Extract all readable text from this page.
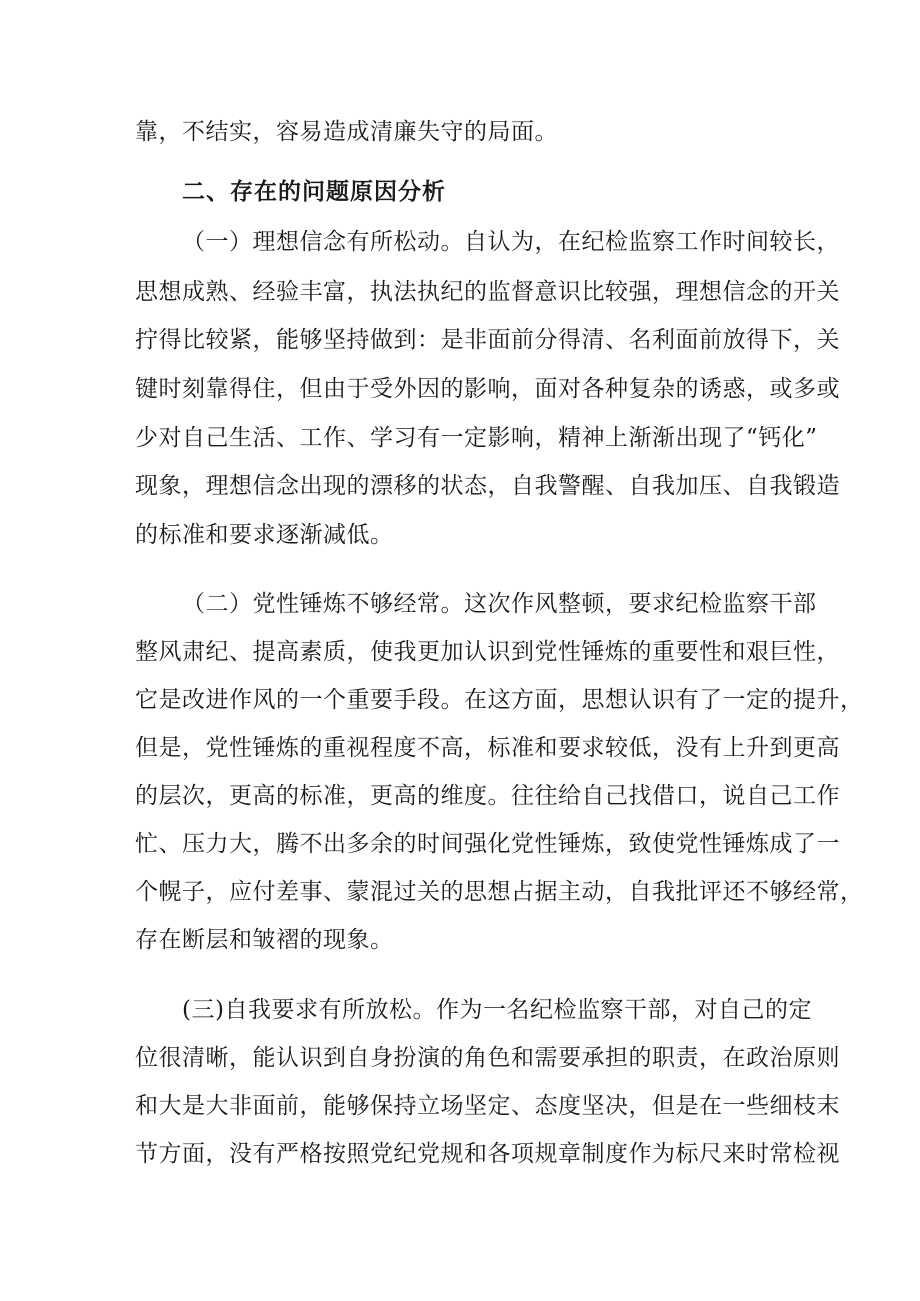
靠，不结实，容易造成清廉失守的局面。
二、存在的问题原因分析
（一）理想信念有所松动。自认为，在纪检监察工作时间较长，
思想成熟、经验丰富，执法执纪的监督意识比较强，理想信念的开关
拧得比较紧，能够坚持做到：是非面前分得清、名利面前放得下，关
键时刻靠得住，但由于受外因的影响，面对各种复杂的诱惑，或多或
少对自己生活、工作、学习有一定影响，精神上渐渐出现了“钙化”
现象，理想信念出现的漂移的状态，自我警醒、自我加压、自我锻造
的标准和要求逐渐减低。
（二）党性锤炼不够经常。这次作风整顿，要求纪检监察干部
整风肃纪、提高素质，使我更加认识到党性锤炼的重要性和艰巨性，
它是改进作风的一个重要手段。在这方面，思想认识有了一定的提升，
但是，党性锤炼的重视程度不高，标准和要求较低，没有上升到更高
的层次，更高的标准，更高的维度。往往给自己找借口，说自己工作
忙、压力大，腾不出多余的时间强化党性锤炼，致使党性锤炼成了一
个幌子，应付差事、蒙混过关的思想占据主动，自我批评还不够经常，
存在断层和皱褶的现象。
(三)自我要求有所放松。作为一名纪检监察干部，对自己的定
位很清晰，能认识到自身扮演的角色和需要承担的职责，在政治原则
和大是大非面前，能够保持立场坚定、态度坚决，但是在一些细枝末
节方面，没有严格按照党纪党规和各项规章制度作为标尺来时常检视
